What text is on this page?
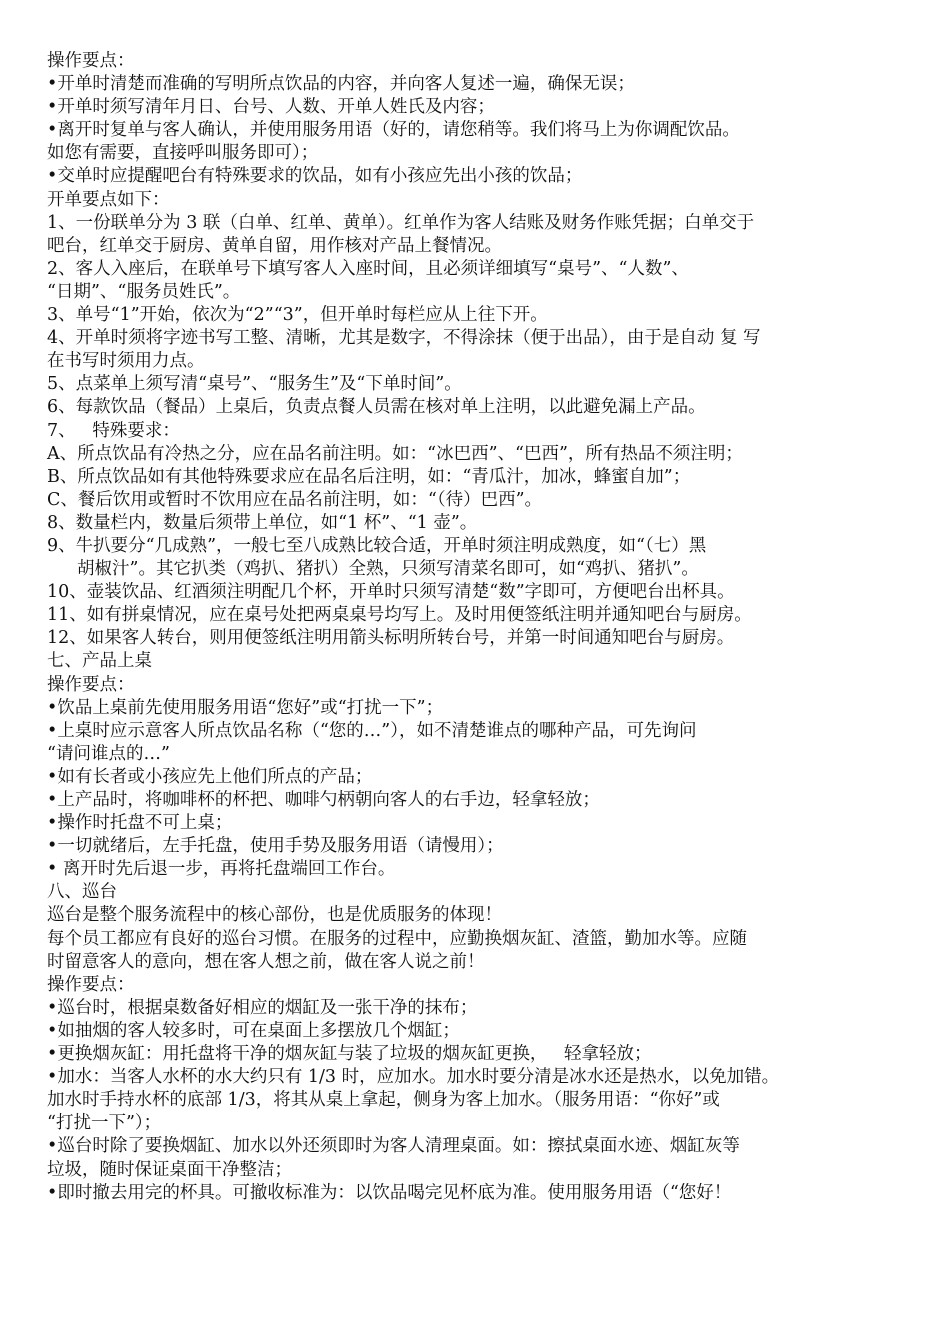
操作要点：

•开单时清楚而准确的写明所点饮品的内容，并向客人复述一遍，确保无误；

•开单时须写清年月日、台号、人数、开单人姓氏及内容；

•离开时复单与客人确认，并使用服务用语（好的，请您稍等。我们将马上为你调配饮品。

如您有需要，直接呼叫服务即可）；

•交单时应提醒吧台有特殊要求的饮品，如有小孩应先出小孩的饮品；

开单要点如下：

1、一份联单分为 3 联（白单、红单、黄单）。红单作为客人结账及财务作账凭据；白单交于

吧台，红单交于厨房、黄单自留，用作核对产品上餐情况。

2、客人入座后，在联单号下填写客人入座时间，且必须详细填写“桌号”、“人数”、

“日期”、“服务员姓氏”。

3、单号“1”开始，依次为“2”“3”，但开单时每栏应从上往下开。

4、开单时须将字迹书写工整、清晰，尤其是数字，不得涂抹（便于出品），由于是自动 复 写

在书写时须用力点。

5、点菜单上须写清“桌号”、“服务生”及“下单时间”。

6、每款饮品（餐品）上桌后，负责点餐人员需在核对单上注明，以此避免漏上产品。

7、   特殊要求：

A、所点饮品有冷热之分，应在品名前注明。如：“冰巴西”、“巴西”，所有热品不须注明；

B、所点饮品如有其他特殊要求应在品名后注明，如：“青瓜汁，加冰，蜂蜜自加”；

C、餐后饮用或暂时不饮用应在品名前注明，如：“（待）巴西”。

8、数量栏内，数量后须带上单位，如“1 杯”、“1 壶”。

9、牛扒要分“几成熟”，一般七至八成熟比较合适，开单时须注明成熟度，如“（七）黑

胡椒汁”。其它扒类（鸡扒、猪扒）全熟，只须写清菜名即可，如“鸡扒、猪扒”。

10、壶装饮品、红酒须注明配几个杯，开单时只须写清楚“数”字即可，方便吧台出杯具。

11、如有拼桌情况，应在桌号处把两桌桌号均写上。及时用便签纸注明并通知吧台与厨房。

12、如果客人转台，则用便签纸注明用箭头标明所转台号，并第一时间通知吧台与厨房。

七、产品上桌

操作要点：

•饮品上桌前先使用服务用语“您好”或“打扰一下”；

•上桌时应示意客人所点饮品名称（“您的…”），如不清楚谁点的哪种产品，可先询问

“请问谁点的…”

•如有长者或小孩应先上他们所点的产品；

•上产品时，将咖啡杯的杯把、咖啡勺柄朝向客人的右手边，轻拿轻放；

•操作时托盘不可上桌；

•一切就绪后，左手托盘，使用手势及服务用语（请慢用）；

• 离开时先后退一步，再将托盘端回工作台。

八、巡台

巡台是整个服务流程中的核心部份，也是优质服务的体现！

每个员工都应有良好的巡台习惯。在服务的过程中，应勤换烟灰缸、渣篮，勤加水等。应随

时留意客人的意向，想在客人想之前，做在客人说之前！

操作要点：

•巡台时，根据桌数备好相应的烟缸及一张干净的抹布；

•如抽烟的客人较多时，可在桌面上多摆放几个烟缸；

•更换烟灰缸：用托盘将干净的烟灰缸与装了垃圾的烟灰缸更换，   轻拿轻放；

•加水：当客人水杯的水大约只有 1/3 时，应加水。加水时要分清是冰水还是热水，以免加错。

加水时手持水杯的底部 1/3，将其从桌上拿起，侧身为客上加水。（服务用语：“你好”或

“打扰一下”）；

•巡台时除了要换烟缸、加水以外还须即时为客人清理桌面。如：擦拭桌面水迹、烟缸灰等

垃圾，随时保证桌面干净整洁；

•即时撤去用完的杯具。可撤收标准为：以饮品喝完见杯底为准。使用服务用语（“您好！
